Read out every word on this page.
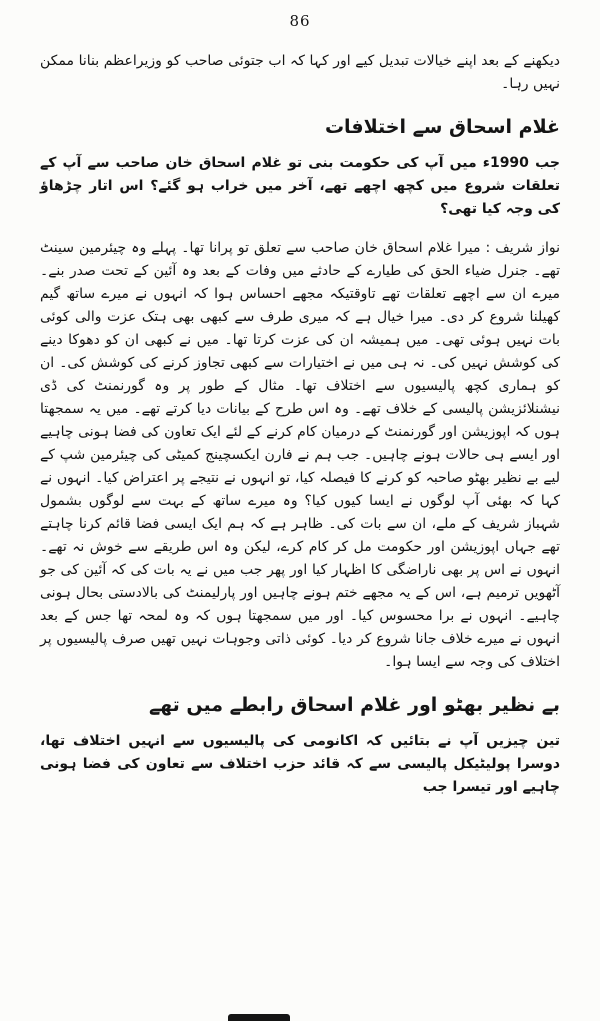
86

دیکھنے کے بعد اپنے خیالات تبدیل کیے اور کہا کہ اب جتوئی صاحب کو وزیراعظم بنانا ممکن نہیں رہا۔

غلام اسحاق سے اختلافات

جب 1990ء میں آپ کی حکومت بنی تو غلام اسحاق خان صاحب سے آپ کے تعلقات شروع میں کچھ اچھے تھے، آخر میں خراب ہو گئے؟ اس اتار چڑھاؤ کی وجہ کیا تھی؟

نواز شریف : میرا غلام اسحاق خان صاحب سے تعلق تو پرانا تھا۔ پہلے وہ چیئرمین سینٹ تھے۔ جنرل ضیاء الحق کی طیارے کے حادثے میں وفات کے بعد وہ آئین کے تحت صدر بنے۔ میرے ان سے اچھے تعلقات تھے تاوقتیکہ مجھے احساس ہوا کہ انہوں نے میرے ساتھ گیم کھیلنا شروع کر دی۔ میرا خیال ہے کہ میری طرف سے کبھی بھی ہتک عزت والی کوئی بات نہیں ہوئی تھی۔ میں ہمیشہ ان کی عزت کرتا تھا۔ میں نے کبھی ان کو دھوکا دینے کی کوشش نہیں کی۔ نہ ہی میں نے اختیارات سے کبھی تجاوز کرنے کی کوشش کی۔ ان کو ہماری کچھ پالیسیوں سے اختلاف تھا۔ مثال کے طور پر وہ گورنمنٹ کی ڈی نیشنلائزیشن پالیسی کے خلاف تھے۔ وہ اس طرح کے بیانات دیا کرتے تھے۔ میں یہ سمجھتا ہوں کہ اپوزیشن اور گورنمنٹ کے درمیان کام کرنے کے لئے ایک تعاون کی فضا ہونی چاہیے اور ایسے ہی حالات ہونے چاہیں۔ جب ہم نے فارن ایکسچینج کمیٹی کی چیئرمین شپ کے لیے بے نظیر بھٹو صاحبہ کو کرنے کا فیصلہ کیا، تو انہوں نے نتیجے پر اعتراض کیا۔ انہوں نے کہا کہ بھئی آپ لوگوں نے ایسا کیوں کیا؟ وہ میرے ساتھ کے بہت سے لوگوں بشمول شہباز شریف کے ملے، ان سے بات کی۔ ظاہر ہے کہ ہم ایک ایسی فضا قائم کرنا چاہتے تھے جہاں اپوزیشن اور حکومت مل کر کام کرے، لیکن وہ اس طریقے سے خوش نہ تھے۔ انہوں نے اس پر بھی ناراضگی کا اظہار کیا اور پھر جب میں نے یہ بات کی کہ آئین کی جو آٹھویں ترمیم ہے، اس کے یہ مجھے ختم ہونے چاہیں اور پارلیمنٹ کی بالادستی بحال ہونی چاہیے۔ انہوں نے برا محسوس کیا۔ اور میں سمجھتا ہوں کہ وہ لمحہ تھا جس کے بعد انہوں نے میرے خلاف جانا شروع کر دیا۔ کوئی ذاتی وجوہات نہیں تھیں صرف پالیسیوں پر اختلاف کی وجہ سے ایسا ہوا۔

بے نظیر بھٹو اور غلام اسحاق رابطے میں تھے

تین چیزیں آپ نے بتائیں کہ اکانومی کی پالیسیوں سے انہیں اختلاف تھا، دوسرا پولیٹیکل پالیسی سے کہ قائد حزب اختلاف سے تعاون کی فضا ہونی چاہیے اور تیسرا جب
